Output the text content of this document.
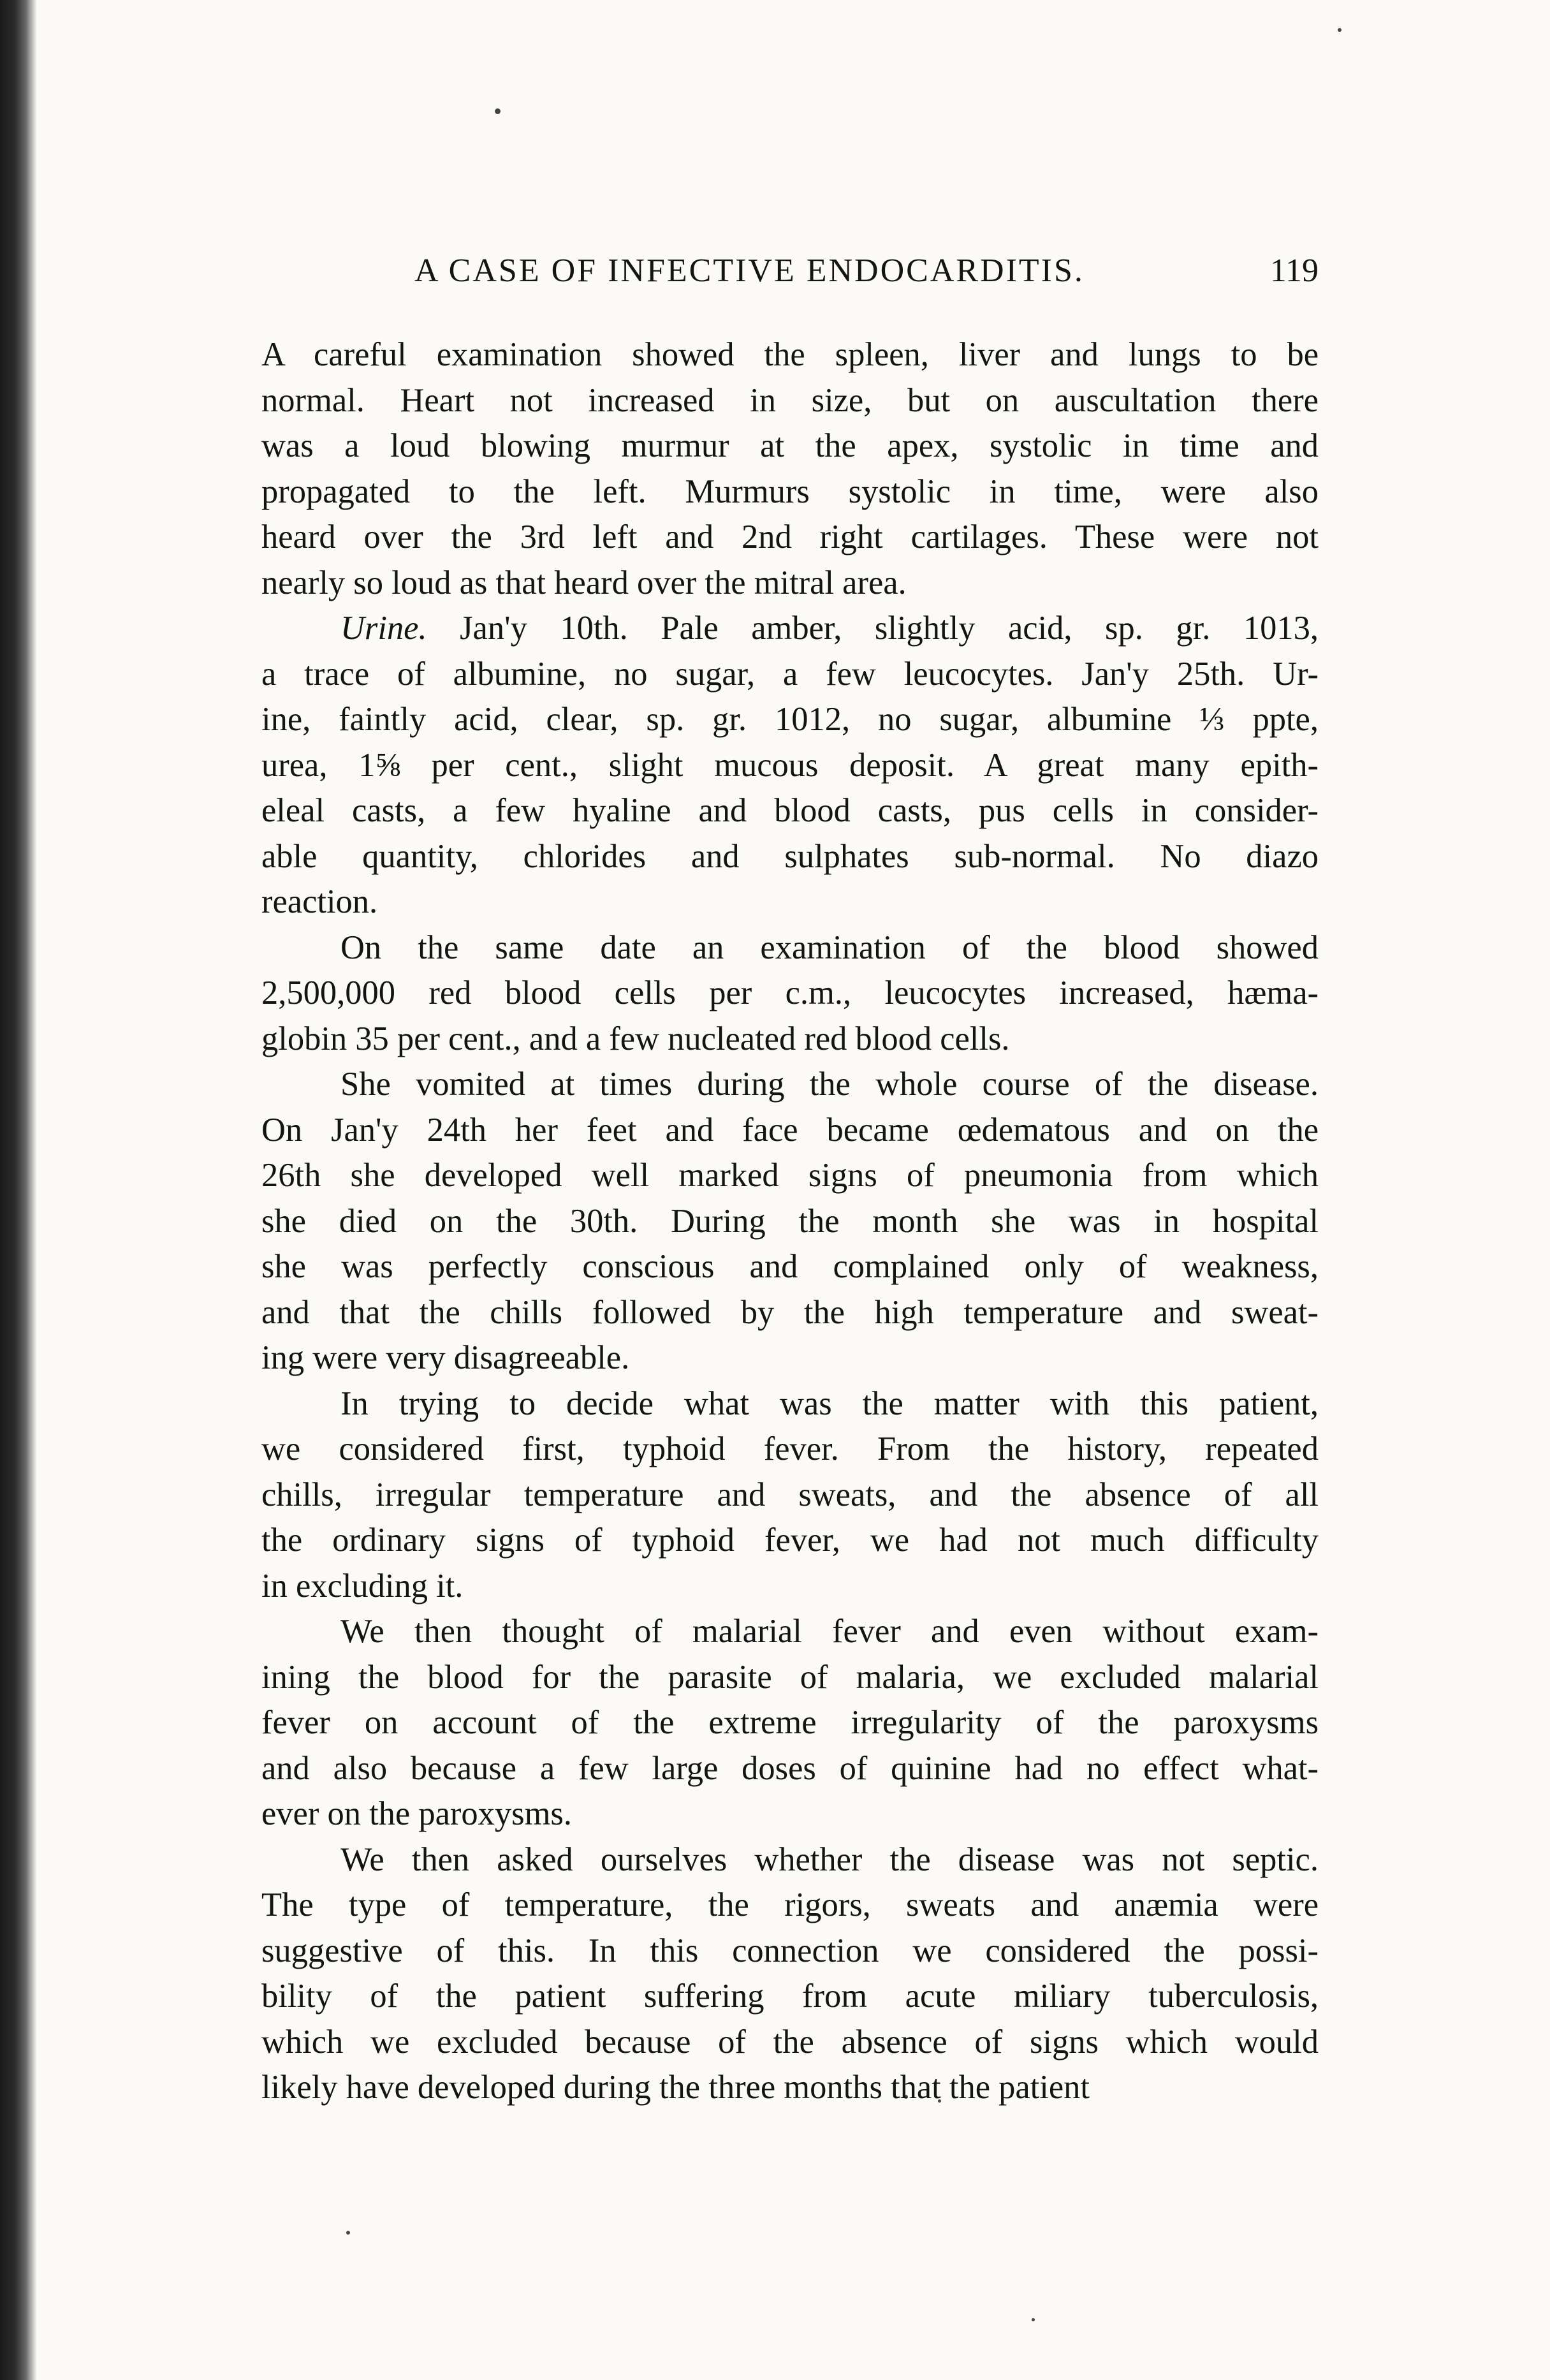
A CASE OF INFECTIVE ENDOCARDITIS.	119
A careful examination showed the spleen, liver and lungs to be
normal. Heart not increased in size, but on auscultation there
was a loud blowing murmur at the apex, systolic in time and
propagated to the left. Murmurs systolic in time, were also
heard over the 3rd left and 2nd right cartilages. These were not
nearly so loud as that heard over the mitral area.
Urine. Jan'y 10th. Pale amber, slightly acid, sp. gr. 1013,
a trace of albumine, no sugar, a few leucocytes. Jan'y 25th. Ur-
ine, faintly acid, clear, sp. gr. 1012, no sugar, albumine ⅓ ppte,
urea, 1⅝ per cent., slight mucous deposit. A great many epith-
eleal casts, a few hyaline and blood casts, pus cells in consider-
able quantity, chlorides and sulphates sub-normal. No diazo
reaction.
On the same date an examination of the blood showed
2,500,000 red blood cells per c.m., leucocytes increased, hæma-
globin 35 per cent., and a few nucleated red blood cells.
She vomited at times during the whole course of the disease.
On Jan'y 24th her feet and face became œdematous and on the
26th she developed well marked signs of pneumonia from which
she died on the 30th. During the month she was in hospital
she was perfectly conscious and complained only of weakness,
and that the chills followed by the high temperature and sweat-
ing were very disagreeable.
In trying to decide what was the matter with this patient,
we considered first, typhoid fever. From the history, repeated
chills, irregular temperature and sweats, and the absence of all
the ordinary signs of typhoid fever, we had not much difficulty
in excluding it.
We then thought of malarial fever and even without exam-
ining the blood for the parasite of malaria, we excluded malarial
fever on account of the extreme irregularity of the paroxysms
and also because a few large doses of quinine had no effect what-
ever on the paroxysms.
We then asked ourselves whether the disease was not septic.
The type of temperature, the rigors, sweats and anæmia were
suggestive of this. In this connection we considered the possi-
bility of the patient suffering from acute miliary tuberculosis,
which we excluded because of the absence of signs which would
likely have developed during the three months that the patient
